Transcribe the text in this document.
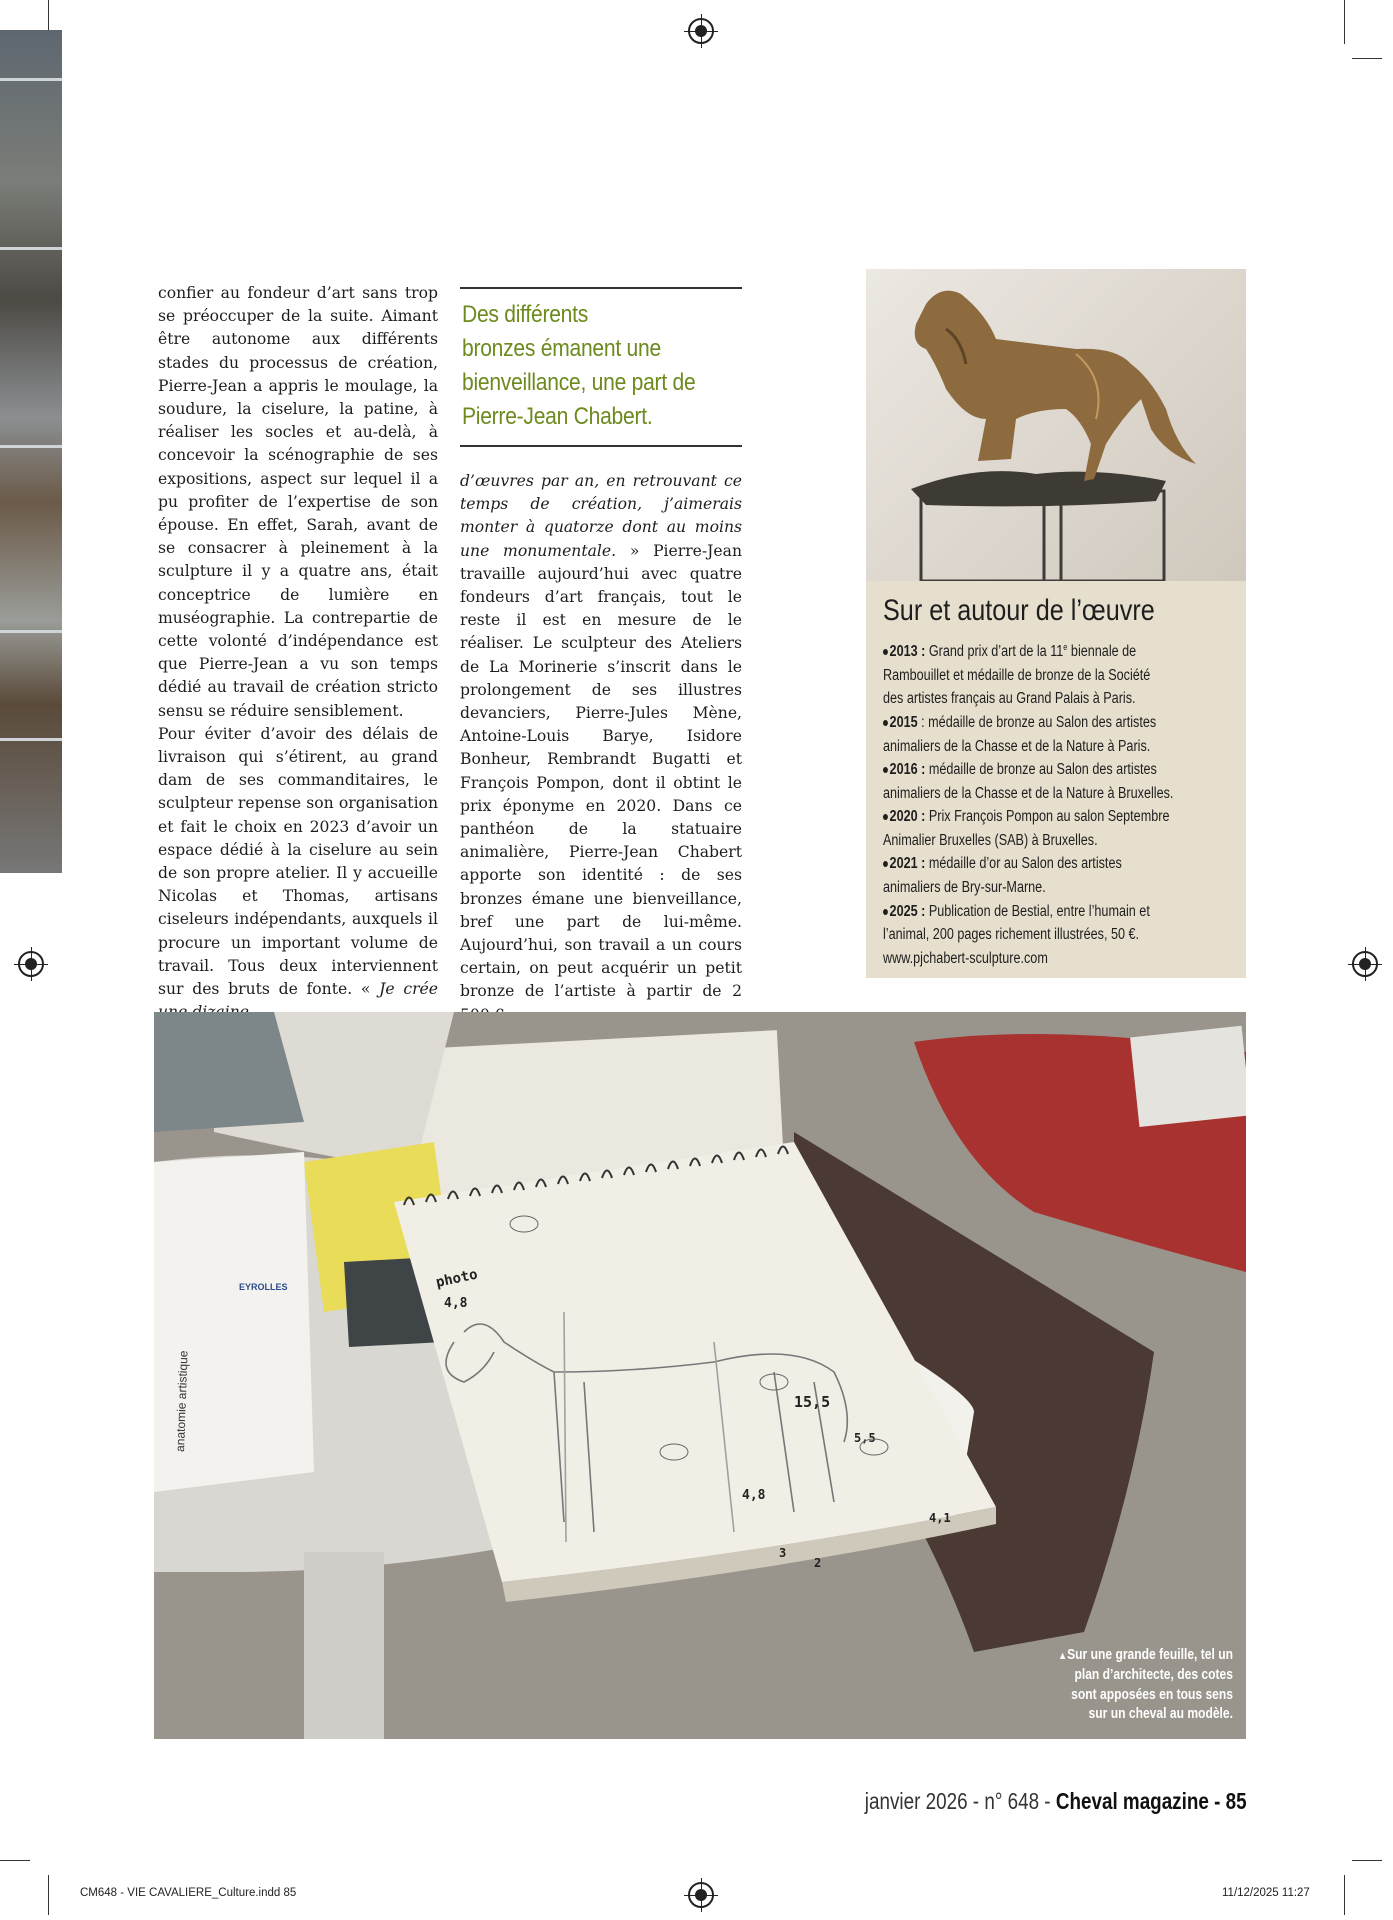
confier au fondeur d’art sans trop se préoccuper de la suite. Aimant être autonome aux différents stades du processus de création, Pierre-Jean a appris le moulage, la soudure, la ciselure, la patine, à réaliser les socles et au-delà, à concevoir la scénographie de ses expositions, aspect sur lequel il a pu profiter de l’expertise de son épouse. En effet, Sarah, avant de se consacrer à pleinement à la sculpture il y a quatre ans, était conceptrice de lumière en muséographie. La contrepartie de cette volonté d’indépendance est que Pierre-Jean a vu son temps dédié au travail de création stricto sensu se réduire sensiblement.

Pour éviter d’avoir des délais de livraison qui s’étirent, au grand dam de ses commanditaires, le sculpteur repense son organisation et fait le choix en 2023 d’avoir un espace dédié à la ciselure au sein de son propre atelier. Il y accueille Nicolas et Thomas, artisans ciseleurs indépendants, auxquels il procure un important volume de travail. Tous deux interviennent sur des bruts de fonte. « Je crée

Des différents
bronzes émanent une
bienveillance, une part de
Pierre-Jean Chabert.

d’œuvres par an, en retrouvant ce temps de création, j’aimerais monter à quatorze dont au moins une monumentale. » Pierre-Jean travaille aujourd’hui avec quatre fondeurs d’art français, tout le reste il est en mesure de le réaliser. Le sculpteur des Ateliers de La Morinerie s’inscrit dans le prolongement de ses illustres devanciers, Pierre-Jules Mène, Antoine-Louis Barye, Isidore Bonheur, Rembrandt Bugatti et François Pompon, dont il obtint le prix éponyme en 2020. Dans ce panthéon de la statuaire animalière, Pierre-Jean Chabert apporte son identité : de ses bronzes émane une bienveillance, bref une part de lui-même. Aujourd’hui, son travail a un cours certain, on peut acquérir un petit bronze de l’artiste à partir de 2

Sur et autour de l’œuvre
2013 : Grand prix d’art de la 11e biennale de
Rambouillet et médaille de bronze de la Société
des artistes français au Grand Palais à Paris.
2015 : médaille de bronze au Salon des artistes
animaliers de la Chasse et de la Nature à Paris.
2016 : médaille de bronze au Salon des artistes
animaliers de la Chasse et de la Nature à Bruxelles.
2020 : Prix François Pompon au salon Septembre
Animalier Bruxelles (SAB) à Bruxelles.
2021 : médaille d’or au Salon des artistes
animaliers de Bry-sur-Marne.
2025 : Publication de Bestial, entre l’humain et
l’animal, 200 pages richement illustrées, 50 €.
www.pjchabert-sculpture.com
anatomie artistique
EYROLLES	photo
4,8
15,5
4,8
5,5
4,1
3
2
▲Sur une grande feuille, tel un
plan d’architecte, des cotes
sont apposées en tous sens
sur un cheval au modèle.
janvier 2026 - n° 648 - Cheval magazine - 85
CM648 - VIE CAVALIERE_Culture.indd 85	11/12/2025 11:27
